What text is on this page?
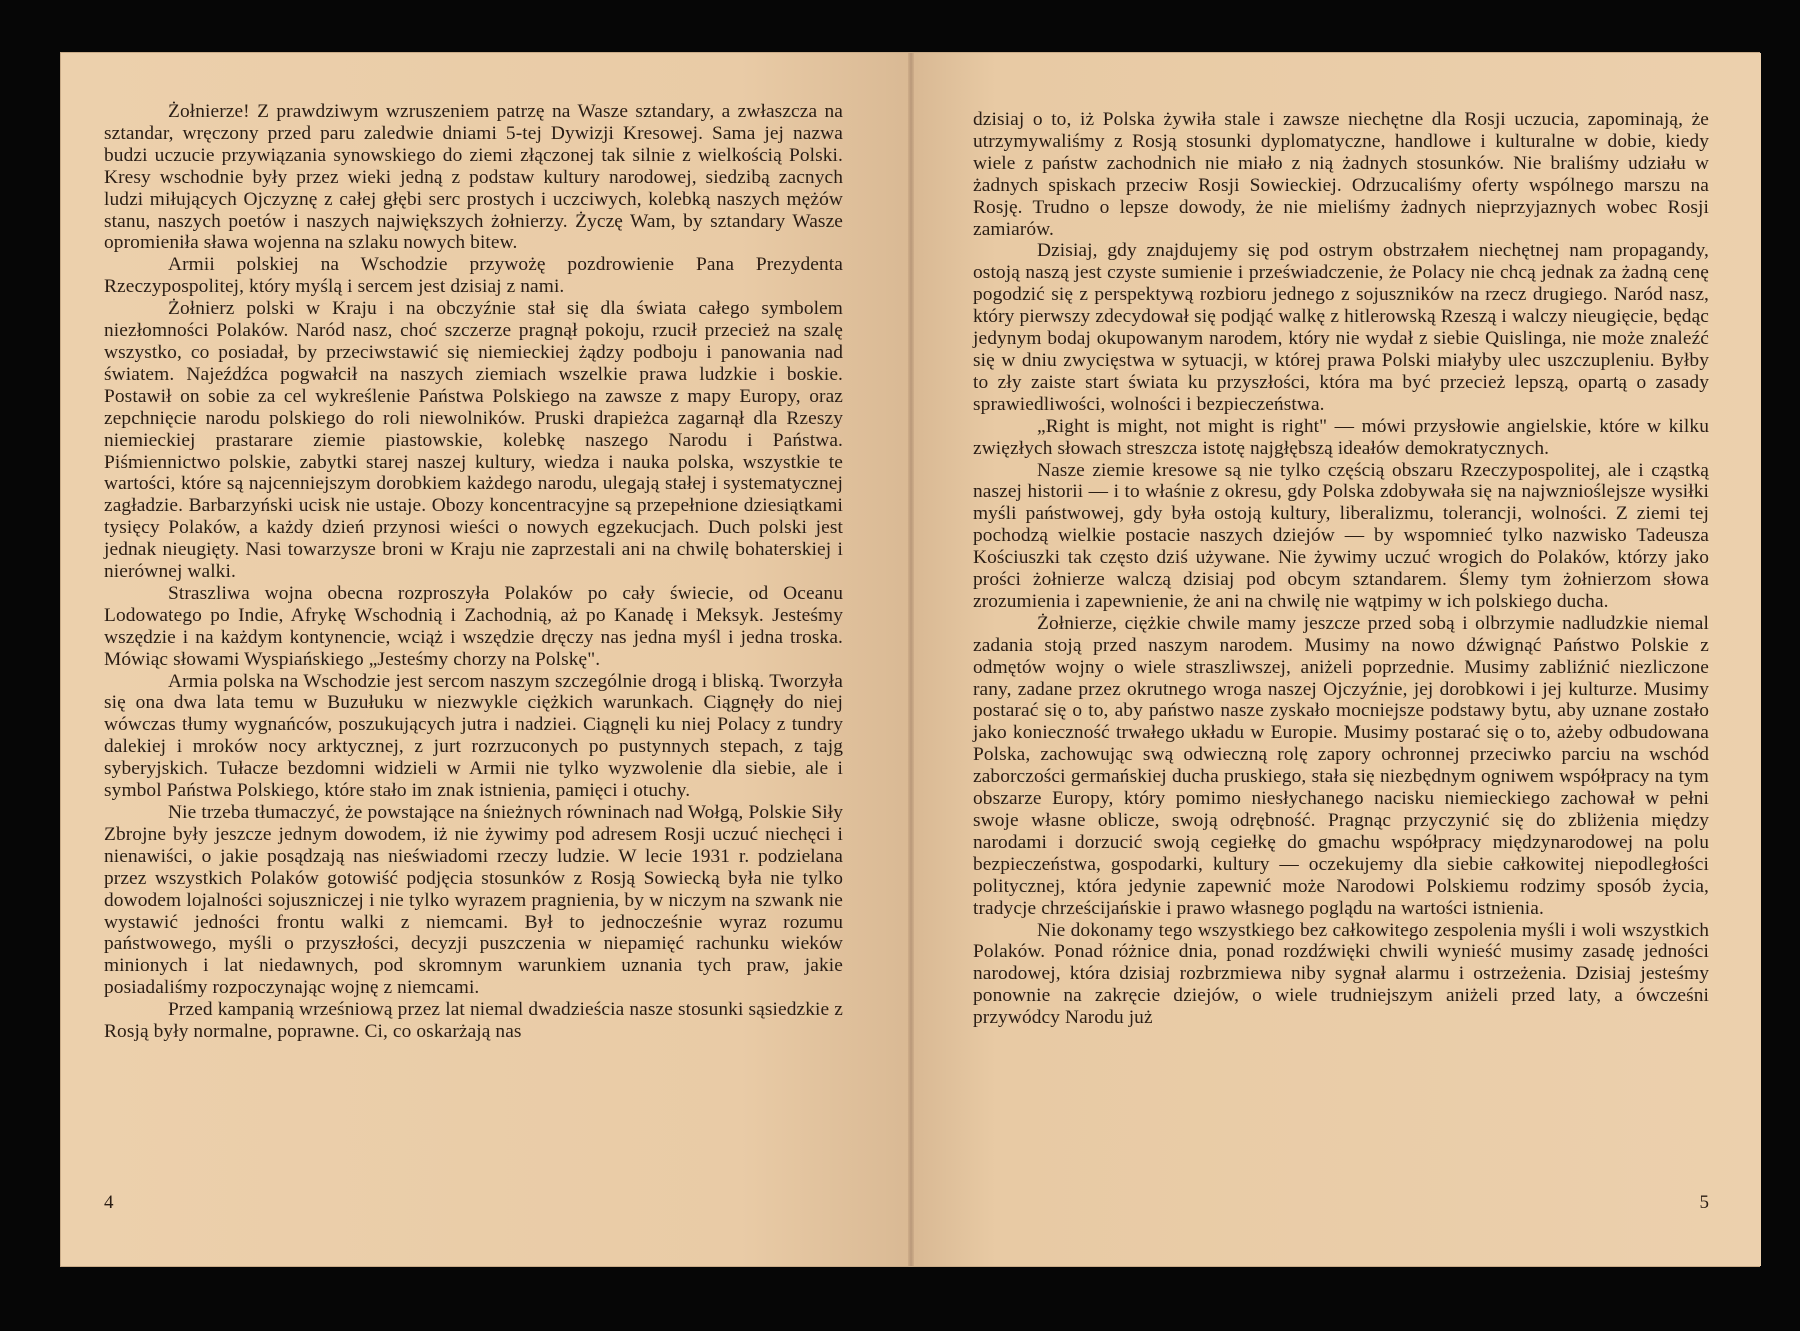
Żołnierze! Z prawdziwym wzruszeniem patrzę na Wasze sztandary, a zwłaszcza na sztandar, wręczony przed paru zaledwie dniami 5-tej Dywizji Kresowej. Sama jej nazwa budzi uczucie przywiązania synowskiego do ziemi złączonej tak silnie z wielkością Polski. Kresy wschodnie były przez wieki jedną z podstaw kultury narodowej, siedzibą zacnych ludzi miłujących Ojczyznę z całej głębi serc prostych i uczciwych, kolebką naszych mężów stanu, naszych poetów i naszych największych żołnierzy. Życzę Wam, by sztandary Wasze opromieniła sława wojenna na szlaku nowych bitew.

Armii polskiej na Wschodzie przywożę pozdrowienie Pana Prezydenta Rzeczypospolitej, który myślą i sercem jest dzisiaj z nami.

Żołnierz polski w Kraju i na obczyźnie stał się dla świata całego symbolem niezłomności Polaków. Naród nasz, choć szczerze pragnął pokoju, rzucił przecież na szalę wszystko, co posiadał, by przeciwstawić się niemieckiej żądzy podboju i panowania nad światem. Najeźdźca pogwałcił na naszych ziemiach wszelkie prawa ludzkie i boskie. Postawił on sobie za cel wykreślenie Państwa Polskiego na zawsze z mapy Europy, oraz zepchnięcie narodu polskiego do roli niewolników. Pruski drapieżca zagarnął dla Rzeszy niemieckiej prastarare ziemie piastowskie, kolebkę naszego Narodu i Państwa. Piśmiennictwo polskie, zabytki starej naszej kultury, wiedza i nauka polska, wszystkie te wartości, które są najcenniejszym dorobkiem każdego narodu, ulegają stałej i systematycznej zagładzie. Barbarzyński ucisk nie ustaje. Obozy koncentracyjne są przepełnione dziesiątkami tysięcy Polaków, a każdy dzień przynosi wieści o nowych egzekucjach. Duch polski jest jednak nieugięty. Nasi towarzysze broni w Kraju nie zaprzestali ani na chwilę bohaterskiej i nierównej walki.

Straszliwa wojna obecna rozproszyła Polaków po cały świecie, od Oceanu Lodowatego po Indie, Afrykę Wschodnią i Zachodnią, aż po Kanadę i Meksyk. Jesteśmy wszędzie i na każdym kontynencie, wciąż i wszędzie dręczy nas jedna myśl i jedna troska. Mówiąc słowami Wyspiańskiego „Jesteśmy chorzy na Polskę".

Armia polska na Wschodzie jest sercom naszym szczególnie drogą i bliską. Tworzyła się ona dwa lata temu w Buzułuku w niezwykle ciężkich warunkach. Ciągnęły do niej wówczas tłumy wygnańców, poszukujących jutra i nadziei. Ciągnęli ku niej Polacy z tundry dalekiej i mroków nocy arktycznej, z jurt rozrzuconych po pustynnych stepach, z tajg syberyjskich. Tułacze bezdomni widzieli w Armii nie tylko wyzwolenie dla siebie, ale i symbol Państwa Polskiego, które stało im znak istnienia, pamięci i otuchy.

Nie trzeba tłumaczyć, że powstające na śnieżnych równinach nad Wołgą, Polskie Siły Zbrojne były jeszcze jednym dowodem, iż nie żywimy pod adresem Rosji uczuć niechęci i nienawiści, o jakie posądzają nas nieświadomi rzeczy ludzie. W lecie 1931 r. podzielana przez wszystkich Polaków gotowiść podjęcia stosunków z Rosją Sowiecką była nie tylko dowodem lojalności sojuszniczej i nie tylko wyrazem pragnienia, by w niczym na szwank nie wystawić jedności frontu walki z niemcami. Był to jednocześnie wyraz rozumu państwowego, myśli o przyszłości, decyzji puszczenia w niepamięć rachunku wieków minionych i lat niedawnych, pod skromnym warunkiem uznania tych praw, jakie posiadaliśmy rozpoczynając wojnę z niemcami.

Przed kampanią wrześniową przez lat niemal dwadzieścia nasze stosunki sąsiedzkie z Rosją były normalne, poprawne. Ci, co oskarżają nas

4

dzisiaj o to, iż Polska żywiła stale i zawsze niechętne dla Rosji uczucia, zapominają, że utrzymywaliśmy z Rosją stosunki dyplomatyczne, handlowe i kulturalne w dobie, kiedy wiele z państw zachodnich nie miało z nią żadnych stosunków. Nie braliśmy udziału w żadnych spiskach przeciw Rosji Sowieckiej. Odrzucaliśmy oferty wspólnego marszu na Rosję. Trudno o lepsze dowody, że nie mieliśmy żadnych nieprzyjaznych wobec Rosji zamiarów.

Dzisiaj, gdy znajdujemy się pod ostrym obstrzałem niechętnej nam propagandy, ostoją naszą jest czyste sumienie i przeświadczenie, że Polacy nie chcą jednak za żadną cenę pogodzić się z perspektywą rozbioru jednego z sojuszników na rzecz drugiego. Naród nasz, który pierwszy zdecydował się podjąć walkę z hitlerowską Rzeszą i walczy nieugięcie, będąc jedynym bodaj okupowanym narodem, który nie wydał z siebie Quislinga, nie może znaleźć się w dniu zwycięstwa w sytuacji, w której prawa Polski miałyby ulec uszczupleniu. Byłby to zły zaiste start świata ku przyszłości, która ma być przecież lepszą, opartą o zasady sprawiedliwości, wolności i bezpieczeństwa.

„Right is might, not might is right" — mówi przysłowie angielskie, które w kilku zwięzłych słowach streszcza istotę najgłębszą ideałów demokratycznych.

Nasze ziemie kresowe są nie tylko częścią obszaru Rzeczypospolitej, ale i cząstką naszej historii — i to właśnie z okresu, gdy Polska zdobywała się na najwznioślejsze wysiłki myśli państwowej, gdy była ostoją kultury, liberalizmu, tolerancji, wolności. Z ziemi tej pochodzą wielkie postacie naszych dziejów — by wspomnieć tylko nazwisko Tadeusza Kościuszki tak często dziś używane. Nie żywimy uczuć wrogich do Polaków, którzy jako prości żołnierze walczą dzisiaj pod obcym sztandarem. Ślemy tym żołnierzom słowa zrozumienia i zapewnienie, że ani na chwilę nie wątpimy w ich polskiego ducha.

Żołnierze, ciężkie chwile mamy jeszcze przed sobą i olbrzymie nadludzkie niemal zadania stoją przed naszym narodem. Musimy na nowo dźwignąć Państwo Polskie z odmętów wojny o wiele straszliwszej, aniżeli poprzednie. Musimy zabliźnić niezliczone rany, zadane przez okrutnego wroga naszej Ojczyźnie, jej dorobkowi i jej kulturze. Musimy postarać się o to, aby państwo nasze zyskało mocniejsze podstawy bytu, aby uznane zostało jako konieczność trwałego układu w Europie. Musimy postarać się o to, ażeby odbudowana Polska, zachowując swą odwieczną rolę zapory ochronnej przeciwko parciu na wschód zaborczości germańskiej ducha pruskiego, stała się niezbędnym ogniwem współpracy na tym obszarze Europy, który pomimo niesłychanego nacisku niemieckiego zachował w pełni swoje własne oblicze, swoją odrębność. Pragnąc przyczynić się do zbliżenia między narodami i dorzucić swoją cegiełkę do gmachu współpracy międzynarodowej na polu bezpieczeństwa, gospodarki, kultury — oczekujemy dla siebie całkowitej niepodległości politycznej, która jedynie zapewnić może Narodowi Polskiemu rodzimy sposób życia, tradycje chrześcijańskie i prawo własnego poglądu na wartości istnienia.

Nie dokonamy tego wszystkiego bez całkowitego zespolenia myśli i woli wszystkich Polaków. Ponad różnice dnia, ponad rozdźwięki chwili wynieść musimy zasadę jedności narodowej, która dzisiaj rozbrzmiewa niby sygnał alarmu i ostrzeżenia. Dzisiaj jesteśmy ponownie na zakręcie dziejów, o wiele trudniejszym aniżeli przed laty, a ówcześni przywódcy Narodu już

5
